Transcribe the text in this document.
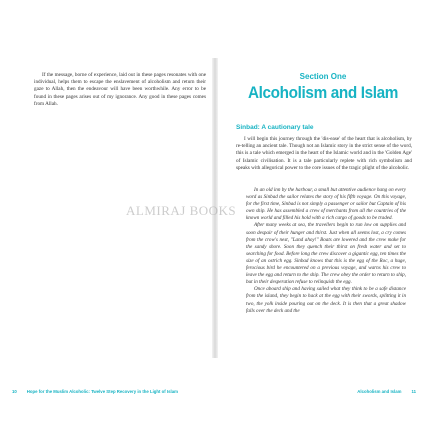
If the message, borne of experience, laid out in these pages resonates with one individual, helps them to escape the enslavement of alcoholism and return their gaze to Allah, then the endeavour will have been worthwhile. Any error to be found in these pages arises out of my ignorance. Any good in these pages comes from Allah.

10 Hope for the Muslim Alcoholic: Twelve Step Recovery in the Light of Islam
Section One
Alcoholism and Islam
Sinbad: A cautionary tale

I will begin this journey through the 'dis-ease' of the heart that is alcoholism, by re-telling an ancient tale. Though not an Islamic story in the strict sense of the word, this is a tale which emerged in the heart of the Islamic world and in the 'Golden Age' of Islamic civilisation. It is a tale particularly replete with rich symbolism and speaks with allegorical power to the core issues of the tragic plight of the alcoholic.

In an old inn by the harbour, a small but attentive audience hang on every word as Sinbad the sailor relates the story of his fifth voyage. On this voyage, for the first time, Sinbad is not simply a passenger or sailor but Captain of his own ship. He has assembled a crew of merchants from all the countries of the known world and filled his hold with a rich cargo of goods to be traded.

After many weeks at sea, the travellers begin to run low on supplies and soon despair of their hunger and thirst. Just when all seems lost, a cry comes from the crow's nest, "Land ahoy!" Boats are lowered and the crew make for the sandy shore. Soon they quench their thirst on fresh water and set to searching for food. Before long the crew discover a gigantic egg, ten times the size of an ostrich egg. Sinbad knows that this is the egg of the Roc, a huge, ferocious bird he encountered on a previous voyage, and warns his crew to leave the egg and return to the ship. The crew obey the order to return to ship, but in their desperation refuse to relinquish the egg.

Once aboard ship and having sailed what they think to be a safe distance from the island, they begin to hack at the egg with their swords, splitting it in two, the yolk inside pouring out on the deck. It is then that a great shadow falls over the deck and the

Alcoholism and Islam 11
